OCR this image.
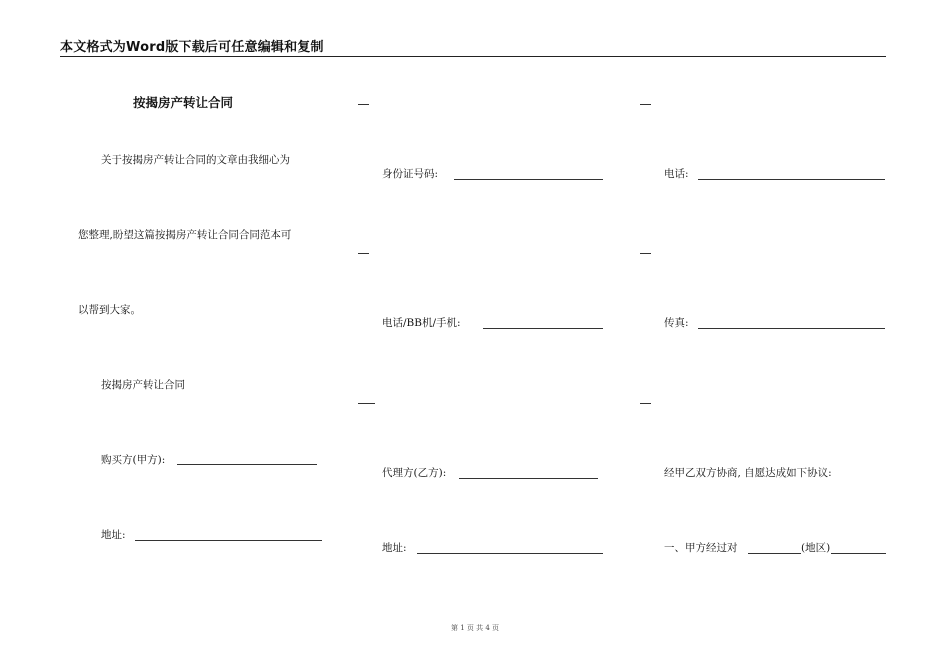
本文格式为Word版下载后可任意编辑和复制
按揭房产转让合同
关于按揭房产转让合同的文章由我细心为
您整理,盼望这篇按揭房产转让合同合同范本可
以帮到大家。
按揭房产转让合同
购买方(甲方):
地址:
身份证号码:
电话/BB机/手机:
代理方(乙方):
地址:
电话:
传真:
经甲乙双方协商, 自愿达成如下协议:
一、甲方经过对	(地区)
第 1 页 共 4 页
